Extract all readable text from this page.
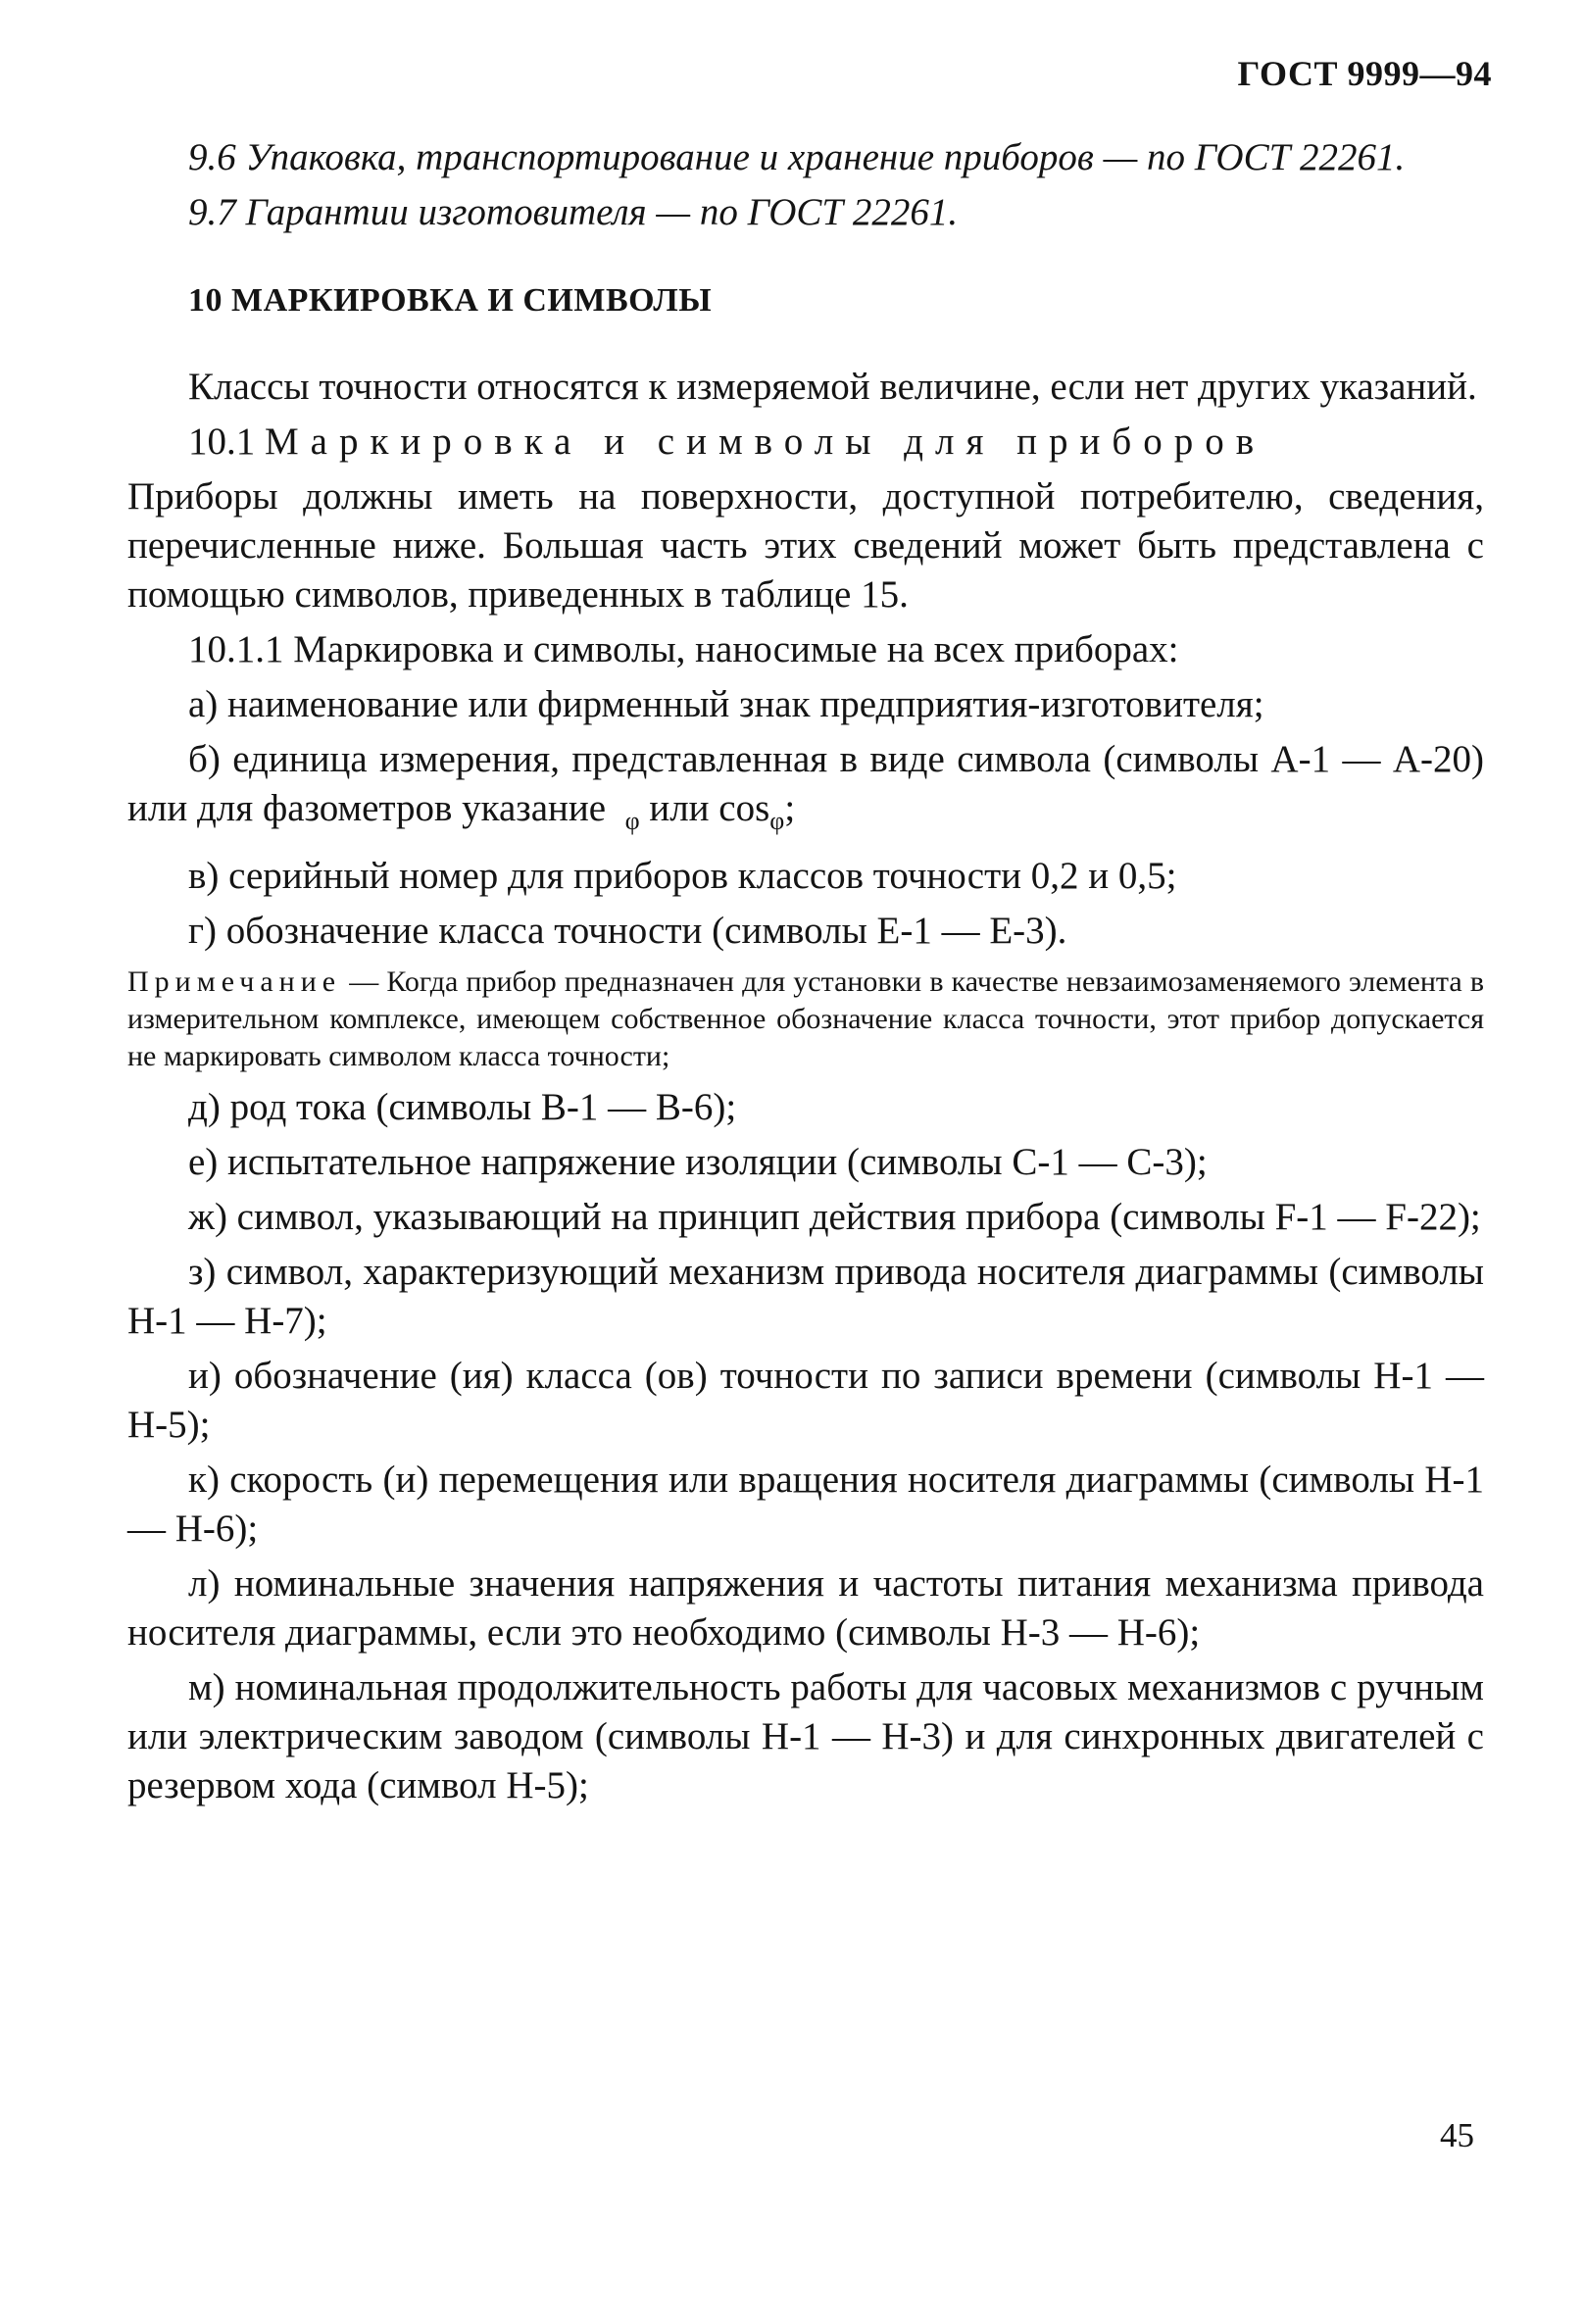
ГОСТ 9999—94

9.6 Упаковка, транспортирование и хранение приборов — по ГОСТ 22261.

9.7 Гарантии изготовителя — по ГОСТ 22261.

10 МАРКИРОВКА И СИМВОЛЫ

Классы точности относятся к измеряемой величине, если нет других указаний.

10.1 Маркировка и символы для приборов

Приборы должны иметь на поверхности, доступной потребителю, сведения, перечисленные ниже. Большая часть этих сведений может быть представлена с помощью символов, приведенных в таблице 15.

10.1.1 Маркировка и символы, наносимые на всех приборах:

а) наименование или фирменный знак предприятия-изготовителя;

б) единица измерения, представленная в виде символа (символы А-1 — А-20) или для фазометров указание $_\varphi$ или $\cos_\varphi$;

в) серийный номер для приборов классов точности 0,2 и 0,5;

г) обозначение класса точности (символы Е-1 — Е-3).

Примечание — Когда прибор предназначен для установки в качестве невзаимозаменяемого элемента в измерительном комплексе, имеющем собственное обозначение класса точности, этот прибор допускается не маркировать символом класса точности;

д) род тока (символы В-1 — В-6);

е) испытательное напряжение изоляции (символы С-1 — С-3);

ж) символ, указывающий на принцип действия прибора (символы F-1 — F-22);

з) символ, характеризующий механизм привода носителя диаграммы (символы Н-1 — Н-7);

и) обозначение (ия) класса (ов) точности по записи времени (символы Н-1 — Н-5);

к) скорость (и) перемещения или вращения носителя диаграммы (символы Н-1 — Н-6);

л) номинальные значения напряжения и частоты питания механизма привода носителя диаграммы, если это необходимо (символы Н-3 — Н-6);

м) номинальная продолжительность работы для часовых механизмов с ручным или электрическим заводом (символы Н-1 — Н-3) и для синхронных двигателей с резервом хода (символ Н-5);

45
